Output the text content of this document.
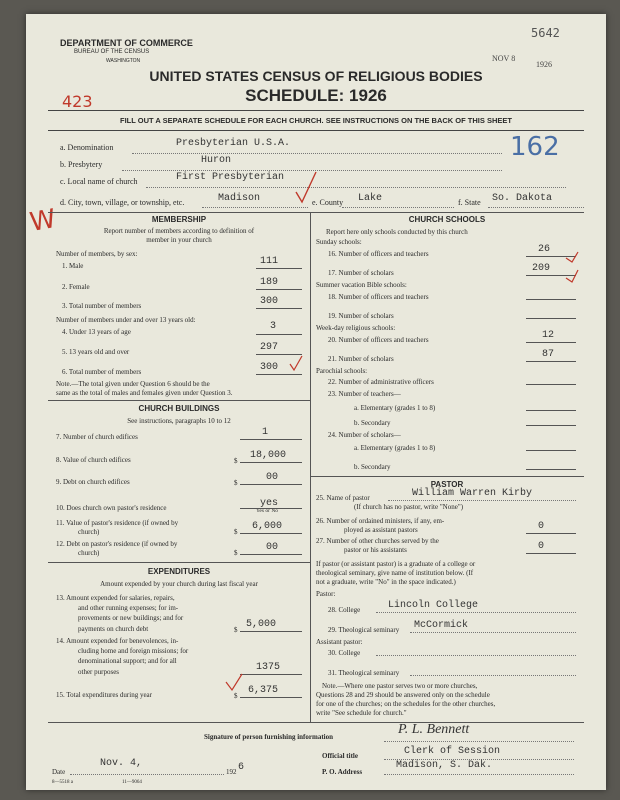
DEPARTMENT OF COMMERCE
BUREAU OF THE CENSUS
WASHINGTON
UNITED STATES CENSUS OF RELIGIOUS BODIES
SCHEDULE: 1926
FILL OUT A SEPARATE SCHEDULE FOR EACH CHURCH. SEE INSTRUCTIONS ON THE BACK OF THIS SHEET
5642
NOV 8
1926
423
162
W
a. Denomination	Presbyterian U.S.A.
b. Presbytery	Huron
c. Local name of church	First Presbyterian
d. City, town, village, or township, etc.	Madison	e. County Lake	f. State So. Dakota
MEMBERSHIP
Report number of members according to definition of
member in your church
Number of members, by sex:
1. Male	111
2. Female	189
3. Total number of members	300
Number of members under and over 13 years old:
4. Under 13 years of age	3
5. 13 years old and over	297
6. Total number of members	300
Note.—The total given under Question 6 should be the
same as the total of males and females given under Question 3.
CHURCH BUILDINGS
See instructions, paragraphs 10 to 12
7. Number of church edifices	1
8. Value of church edifices	$ 18,000
9. Debt on church edifices	$	00
10. Does church own pastor's residence	yes
Yes or No
11. Value of pastor's residence (if owned by
church)	$ 6,000
12. Debt on pastor's residence (if owned by
church)	$	00
EXPENDITURES
Amount expended by your church during last fiscal year
13. Amount expended for salaries, repairs,
and other running expenses; for im-
provements or new buildings; and for
payments on church debt	$ 5,000
14. Amount expended for benevolences, in-
cluding home and foreign missions; for
denominational support; and for all
other purposes	1375
15. Total expenditures during year	$ 6,375
CHURCH SCHOOLS
Report here only schools conducted by this church
Sunday schools:
16. Number of officers and teachers	26
17. Number of scholars	209
Summer vacation Bible schools:
18. Number of officers and teachers
19. Number of scholars
Week-day religious schools:
20. Number of officers and teachers	12
21. Number of scholars	87
Parochial schools:
22. Number of administrative officers
23. Number of teachers—
a. Elementary (grades 1 to 8)
b. Secondary
24. Number of scholars—
a. Elementary (grades 1 to 8)
b. Secondary
PASTOR
25. Name of pastor	William Warren Kirby
(If church has no pastor, write "None")
26. Number of ordained ministers, if any, em-
ployed as assistant pastors	0
27. Number of other churches served by the
pastor or his assistants	0
If pastor (or assistant pastor) is a graduate of a college or
theological seminary, give name of institution below. (If
not a graduate, write "No" in the space indicated.)
Pastor:
28. College	Lincoln College
29. Theological seminary McCormick
Assistant pastor:
30. College
31. Theological seminary
Note.—Where one pastor serves two or more churches,
Questions 28 and 29 should be answered only on the schedule
for one of the churches; on the schedules for the other churches,
write "See schedule for church."
Signature of person furnishing information	P. L. Bennett
Official title	Clerk of Session
Date
Nov. 4,
192 6	P. O. Address
Madison, S. Dak.
8—5518 a	11—9064
